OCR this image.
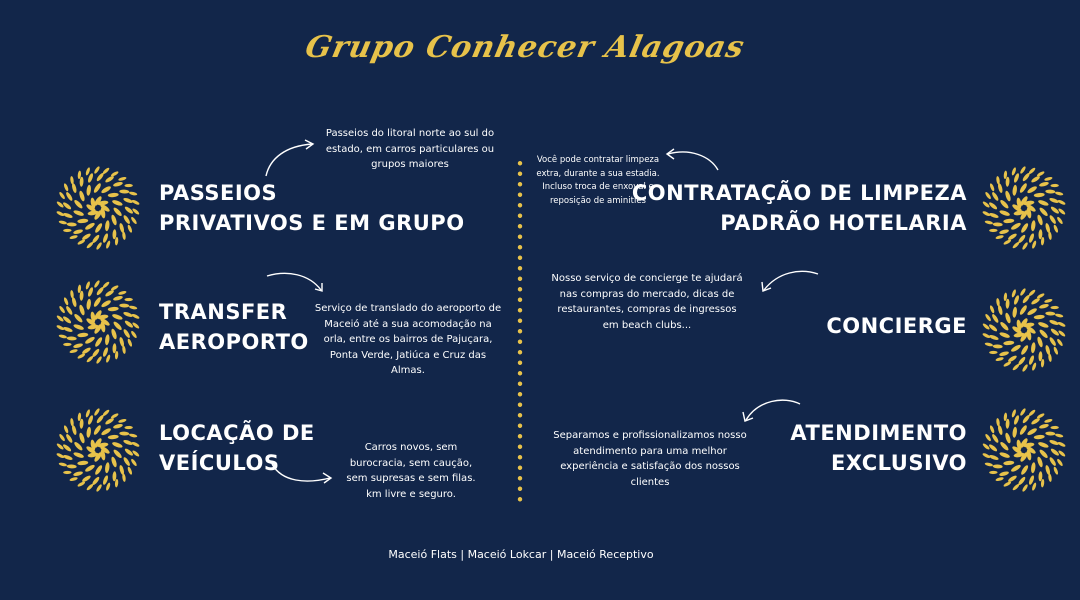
Grupo Conhecer Alagoas
PASSEIOS
PRIVATIVOS E EM GRUPO
Passeios do litoral norte ao sul do estado, em carros particulares ou grupos maiores
TRANSFER
AEROPORTO
Serviço de translado do aeroporto de Maceió até a sua acomodação na orla, entre os bairros de Pajuçara, Ponta Verde, Jatiúca e Cruz das Almas.
LOCAÇÃO DE
VEÍCULOS
Carros novos, sem burocracia, sem caução, sem supresas e sem filas. km livre e seguro.
Você pode contratar limpeza extra, durante a sua estadia. Incluso troca de enxoval e reposição de aminities
CONTRATAÇÃO DE LIMPEZA
PADRÃO HOTELARIA
Nosso serviço de concierge te ajudará nas compras do mercado, dicas de restaurantes, compras de ingressos em beach clubs...	CONCIERGE
Separamos e profissionalizamos nosso atendimento para uma melhor experiência e satisfação dos nossos clientes
ATENDIMENTO
EXCLUSIVO
Maceió Flats | Maceió Lokcar | Maceió Receptivo
